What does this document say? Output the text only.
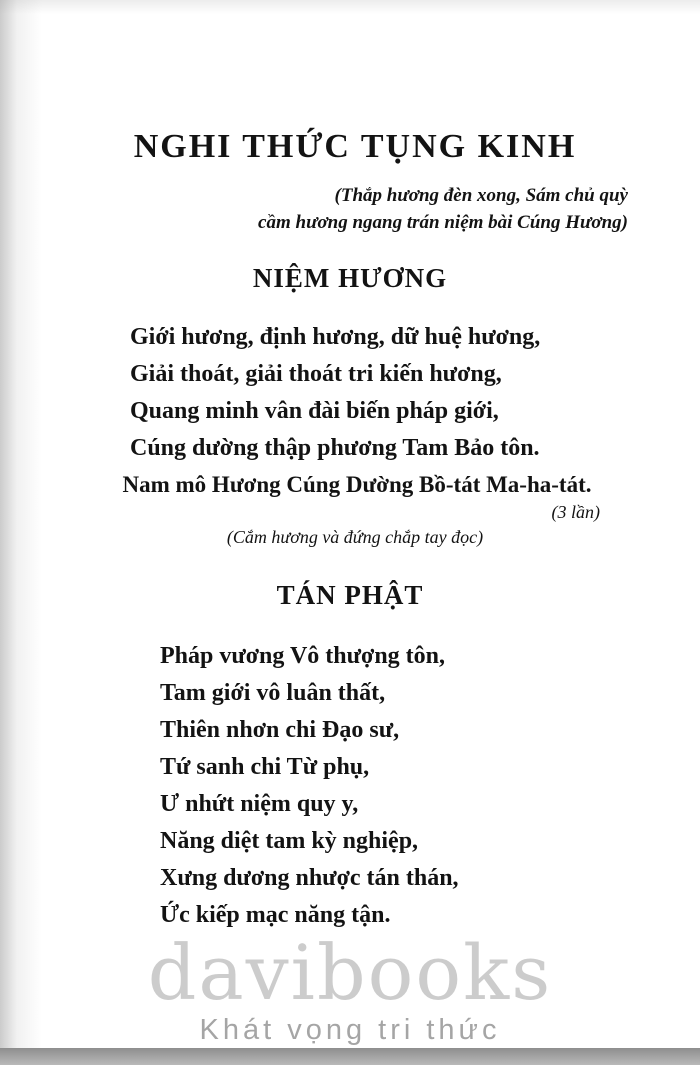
NGHI THỨC TỤNG KINH
(Thắp hương đèn xong, Sám chủ quỳ
cầm hương ngang trán niệm bài Cúng Hương)
NIỆM HƯƠNG
Giới hương, định hương, dữ huệ hương,
Giải thoát, giải thoát tri kiến hương,
Quang minh vân đài biến pháp giới,
Cúng dường thập phương Tam Bảo tôn.
Nam mô Hương Cúng Dường Bồ-tát Ma-ha-tát.
(3 lần)
(Cắm hương và đứng chắp tay đọc)
TÁN PHẬT
Pháp vương Vô thượng tôn,
Tam giới vô luân thất,
Thiên nhơn chi Đạo sư,
Tứ sanh chi Từ phụ,
Ư nhứt niệm quy y,
Năng diệt tam kỳ nghiệp,
Xưng dương nhược tán thán,
Ức kiếp mạc năng tận.
davibooks
Khát vọng tri thức
